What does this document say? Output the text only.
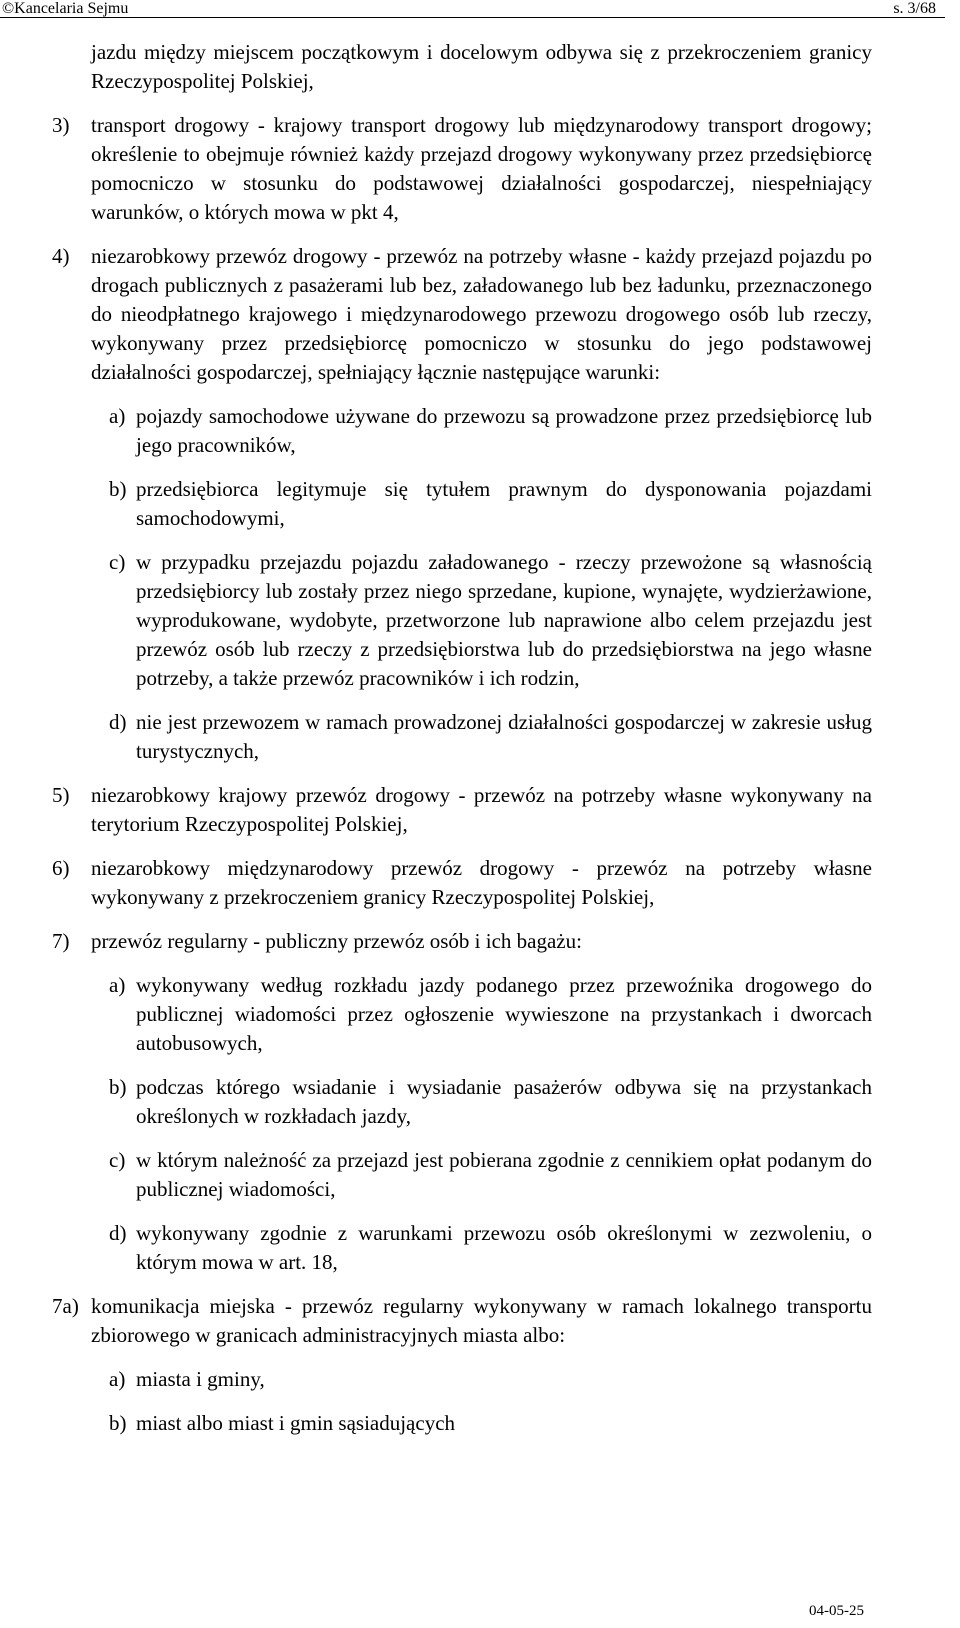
©Kancelaria Sejmu	s. 3/68
jazdu między miejscem początkowym i docelowym odbywa się z przekroczeniem granicy Rzeczypospolitej Polskiej,
3) transport drogowy - krajowy transport drogowy lub międzynarodowy transport drogowy; określenie to obejmuje również każdy przejazd drogowy wykonywany przez przedsiębiorcę pomocniczo w stosunku do podstawowej działalności gospodarczej, niespełniający warunków, o których mowa w pkt 4,
4) niezarobkowy przewóz drogowy - przewóz na potrzeby własne - każdy przejazd pojazdu po drogach publicznych z pasażerami lub bez, załadowanego lub bez ładunku, przeznaczonego do nieodpłatnego krajowego i międzynarodowego przewozu drogowego osób lub rzeczy, wykonywany przez przedsiębiorcę pomocniczo w stosunku do jego podstawowej działalności gospodarczej, spełniający łącznie następujące warunki:
a) pojazdy samochodowe używane do przewozu są prowadzone przez przedsiębiorcę lub jego pracowników,
b) przedsiębiorca legitymuje się tytułem prawnym do dysponowania pojazdami samochodowymi,
c) w przypadku przejazdu pojazdu załadowanego - rzeczy przewożone są własnością przedsiębiorcy lub zostały przez niego sprzedane, kupione, wynajęte, wydzierżawione, wyprodukowane, wydobyte, przetworzone lub naprawione albo celem przejazdu jest przewóz osób lub rzeczy z przedsiębiorstwa lub do przedsiębiorstwa na jego własne potrzeby, a także przewóz pracowników i ich rodzin,
d) nie jest przewozem w ramach prowadzonej działalności gospodarczej w zakresie usług turystycznych,
5) niezarobkowy krajowy przewóz drogowy - przewóz na potrzeby własne wykonywany na terytorium Rzeczypospolitej Polskiej,
6) niezarobkowy międzynarodowy przewóz drogowy - przewóz na potrzeby własne wykonywany z przekroczeniem granicy Rzeczypospolitej Polskiej,
7) przewóz regularny - publiczny przewóz osób i ich bagażu:
a) wykonywany według rozkładu jazdy podanego przez przewoźnika drogowego do publicznej wiadomości przez ogłoszenie wywieszone na przystankach i dworcach autobusowych,
b) podczas którego wsiadanie i wysiadanie pasażerów odbywa się na przystankach określonych w rozkładach jazdy,
c) w którym należność za przejazd jest pobierana zgodnie z cennikiem opłat podanym do publicznej wiadomości,
d) wykonywany zgodnie z warunkami przewozu osób określonymi w zezwoleniu, o którym mowa w art. 18,
7a) komunikacja miejska - przewóz regularny wykonywany w ramach lokalnego transportu zbiorowego w granicach administracyjnych miasta albo:
a) miasta i gminy,
b) miast albo miast i gmin sąsiadujących
04-05-25
